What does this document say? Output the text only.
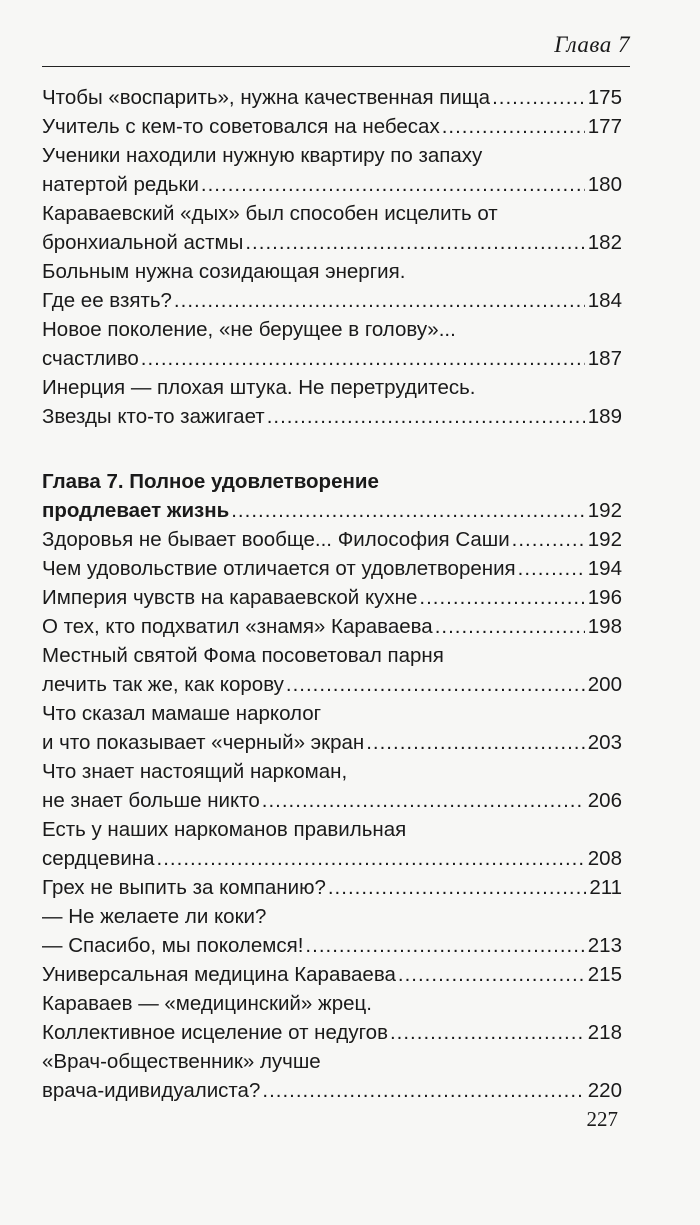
Глава 7
Чтобы «воспарить», нужна качественная пища .....	175
Учитель с кем-то советовался на небесах .....	177
Ученики находили нужную квартиру по запаху
натертой редьки .....	180
Караваевский «дых» был способен исцелить от
бронхиальной астмы .....	182
Больным нужна созидающая энергия.
Где ее взять? .....	184
Новое поколение, «не берущее в голову»...
счастливо .....	187
Инерция — плохая штука. Не перетрудитесь.
Звезды кто-то зажигает .....	189
Глава 7. Полное удовлетворение
продлевает жизнь .....	192
Здоровья не бывает вообще... Философия Саши .....	192
Чем удовольствие отличается от удовлетворения .....	194
Империя чувств на караваевской кухне .....	196
О тех, кто подхватил «знамя» Караваева .....	198
Местный святой Фома посоветовал парня
лечить так же, как корову .....	200
Что сказал мамаше нарколог
и что показывает «черный» экран .....	203
Что знает настоящий наркоман,
не знает больше никто .....	206
Есть у наших наркоманов правильная
сердцевина .....	208
Грех не выпить за компанию? .....	211
— Не желаете ли коки?
— Спасибо, мы поколемся! .....	213
Универсальная медицина Караваева .....	215
Караваев — «медицинский» жрец.
Коллективное исцеление от недугов .....	218
«Врач-общественник» лучше
врача-идивидуалиста? .....	220
227
